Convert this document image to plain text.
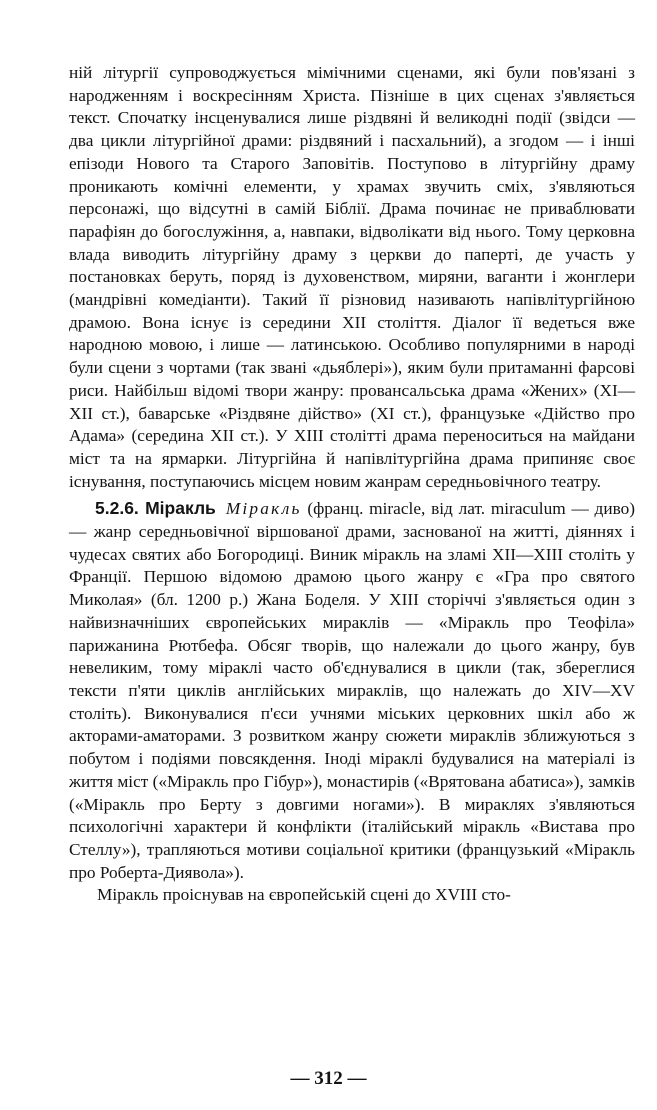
ній літургії супроводжується мімічними сценами, які були пов'язані з народженням і воскресінням Христа. Пізніше в цих сценах з'являється текст. Спочатку інсценувалися лише різдвяні й великодні події (звідси — два цикли літургійної драми: різдвяний і пасхальний), а згодом — і інші епізоди Нового та Старого Заповітів. Поступово в літургійну драму проникають комічні елементи, у храмах звучить сміх, з'являються персонажі, що відсутні в самій Біблії. Драма починає не приваблювати парафіян до богослужіння, а, навпаки, відволікати від нього. Тому церковна влада виводить літургійну драму з церкви до паперті, де участь у постановках беруть, поряд із духовенством, миряни, ваганти і жонглери (мандрівні комедіанти). Такий її різновид називають напівлітургійною драмою. Вона існує із середини XII століття. Діалог її ведеться вже народною мовою, і лише — латинською. Особливо популярними в народі були сцени з чортами (так звані «дьяблері»), яким були притаманні фарсові риси. Найбільш відомі твори жанру: провансальська драма «Жених» (XI—XII ст.), баварське «Різдвяне дійство» (XI ст.), французьке «Дійство про Адама» (середина XII ст.). У XIII столітті драма переноситься на майдани міст та на ярмарки. Літургійна й напівлітургійна драма припиняє своє існування, поступаючись місцем новим жанрам середньовічного театру.

5.2.6. Міракль Міракль (франц. miracle, від лат. miraculum — диво) — жанр середньовічної віршованої драми, заснованої на житті, діяннях і чудесах святих або Богородиці. Виник міракль на зламі XII—XIII століть у Франції. Першою відомою драмою цього жанру є «Гра про святого Миколая» (бл. 1200 р.) Жана Боделя. У XIII сторіччі з'являється один з найвизначніших європейських мираклів — «Міракль про Теофіла» парижанина Рютбефа. Обсяг творів, що належали до цього жанру, був невеликим, тому міраклі часто об'єднувалися в цикли (так, збереглися тексти п'яти циклів англійських мираклів, що належать до XIV—XV століть). Виконувалися п'єси учнями міських церковних шкіл або ж акторами-аматорами. З розвитком жанру сюжети мираклів зближуються з побутом і подіями повсякдення. Іноді міраклі будувалися на матеріалі із життя міст («Міракль про Гібур»), монастирів («Врятована абатиса»), замків («Міракль про Берту з довгими ногами»). В мираклях з'являються психологічні характери й конфлікти (італійський міракль «Вистава про Стеллу»), трапляються мотиви соціальної критики (французький «Міракль про Роберта-Диявола»).

Міракль проіснував на європейській сцені до XVIII сто-

— 312 —
